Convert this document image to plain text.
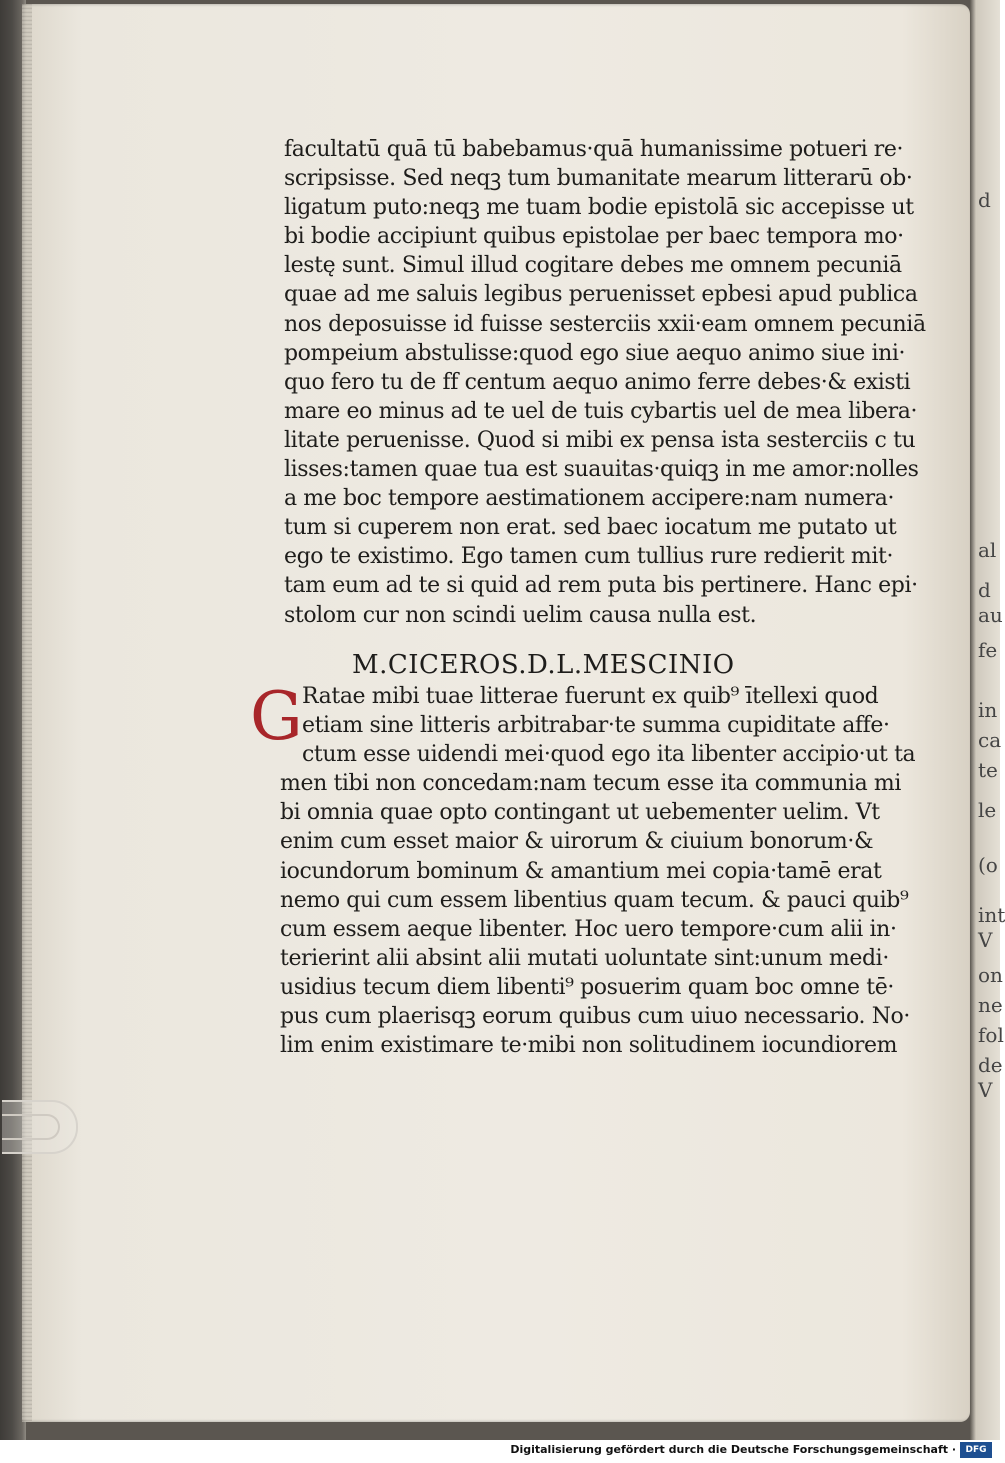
d
al
d
au
fe
in
ca
te
le
(o
int
V
on
ne
fol
de
V
facultatū quā tū babebamus·quā humanissime potueri re·
scripsisse. Sed neqꝫ tum bumanitate mearum litterarū ob·
ligatum puto:neqꝫ me tuam bodie epistolā sic accepisse ut
bi bodie accipiunt quibus epistolae per baec tempora mo·
lestę sunt. Simul illud cogitare debes me omnem pecuniā
quae ad me saluis legibus peruenisset epbesi apud publica
nos deposuisse id fuisse sesterciis xxii·eam omnem pecuniā
pompeium abstulisse:quod ego siue aequo animo siue ini·
quo fero tu de ff centum aequo animo ferre debes·& existi
mare eo minus ad te uel de tuis cybartis uel de mea libera·
litate peruenisse. Quod si mibi ex pensa ista sesterciis c tu
lisses:tamen quae tua est suauitas·quiqꝫ in me amor:nolles
a me boc tempore aestimationem accipere:nam numera·
tum si cuperem non erat. sed baec iocatum me putato ut
ego te existimo. Ego tamen cum tullius rure redierit mit·
tam eum ad te si quid ad rem puta bis pertinere. Hanc epi·
stolom cur non scindi uelim causa nulla est.
M.CICEROS.D.L.MESCINIO
G Ratae mibi tuae litterae fuerunt ex quib⁹ ītellexi quod
etiam sine litteris arbitrabar·te summa cupiditate affe·
ctum esse uidendi mei·quod ego ita libenter accipio·ut ta
men tibi non concedam:nam tecum esse ita communia mi
bi omnia quae opto contingant ut uebementer uelim. Vt
enim cum esset maior & uirorum & ciuium bonorum·&
iocundorum bominum & amantium mei copia·tamē erat
nemo qui cum essem libentius quam tecum. & pauci quib⁹
cum essem aeque libenter. Hoc uero tempore·cum alii in·
terierint alii absint alii mutati uoluntate sint:unum medi·
usidius tecum diem libenti⁹ posuerim quam boc omne tē·
pus cum plaerisqꝫ eorum quibus cum uiuo necessario. No·
lim enim existimare te·mibi non solitudinem iocundiorem
Digitalisierung gefördert durch die Deutsche Forschungsgemeinschaft ·	DFG
